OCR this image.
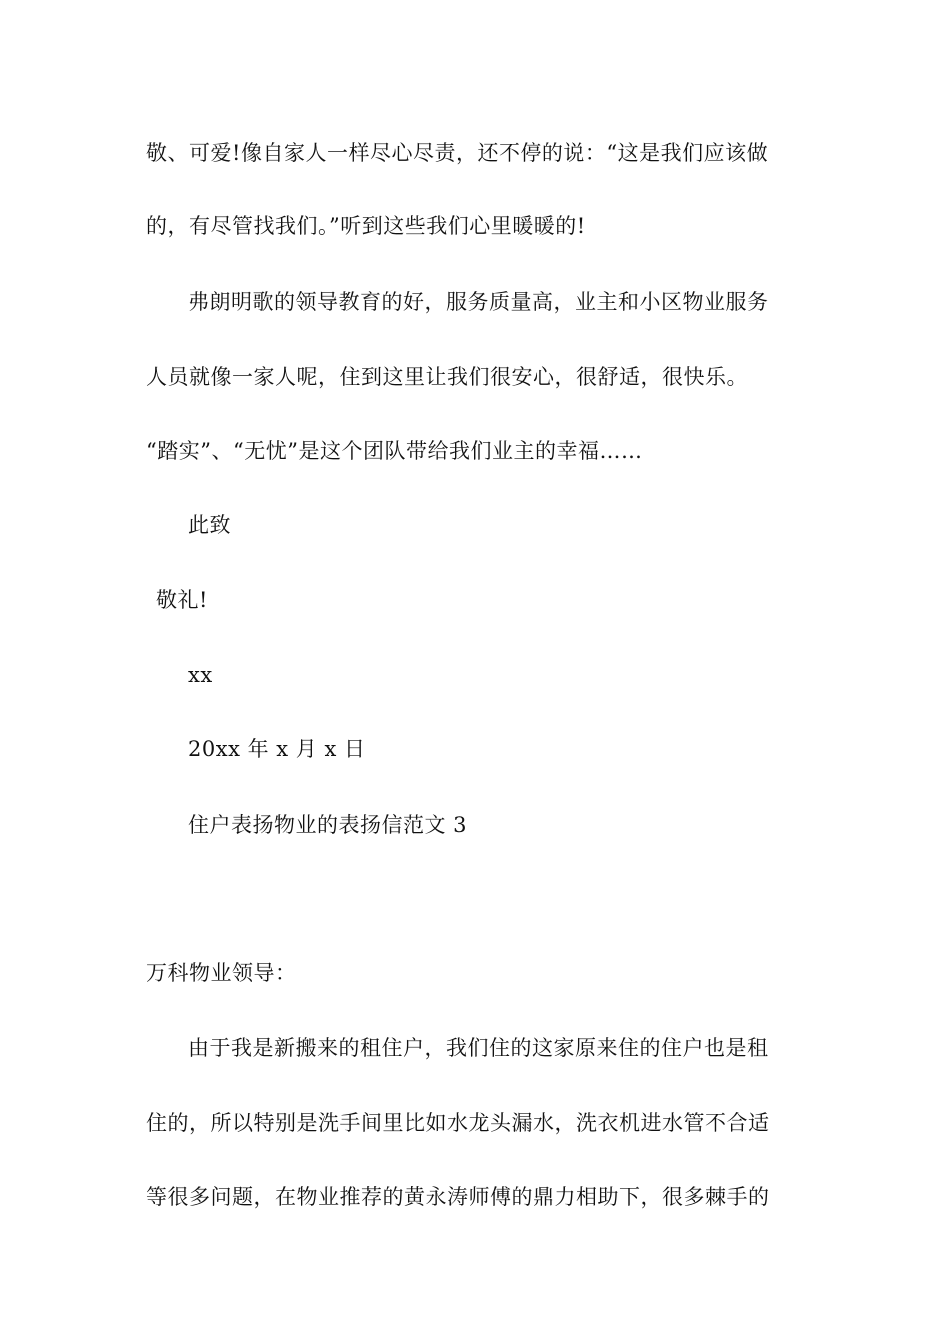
敬、可爱!像自家人一样尽心尽责，还不停的说：“这是我们应该做
的，有尽管找我们。”听到这些我们心里暖暖的!
弗朗明歌的领导教育的好，服务质量高，业主和小区物业服务
人员就像一家人呢，住到这里让我们很安心，很舒适，很快乐。
“踏实”、“无忧”是这个团队带给我们业主的幸福……
此致
敬礼!
xx
20xx 年 x 月 x 日
住户表扬物业的表扬信范文 3
万科物业领导：
由于我是新搬来的租住户，我们住的这家原来住的住户也是租
住的，所以特别是洗手间里比如水龙头漏水，洗衣机进水管不合适
等很多问题，在物业推荐的黄永涛师傅的鼎力相助下，很多棘手的
